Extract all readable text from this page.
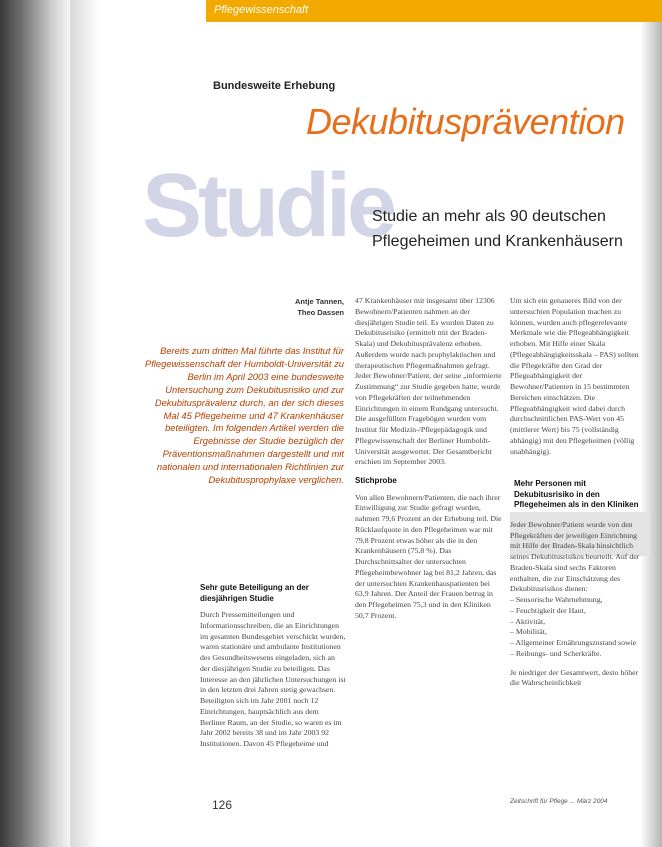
Pflegewissenschaft
Bundesweite Erhebung
Studie
Dekubitusprävention
Studie an mehr als 90 deutschen
Pflegeheimen und Krankenhäusern
Antje Tannen,
Theo Dassen
Bereits zum dritten Mal führte das Institut für Pflegewissenschaft der Humboldt-Universität zu Berlin im April 2003 eine bundesweite Untersuchung zum Dekubitusrisiko und zur Dekubitusprävalenz durch, an der sich dieses Mal 45 Pflegeheime und 47 Krankenhäuser beteiligten. Im folgenden Artikel werden die Ergebnisse der Studie bezüglich der Präventionsmaßnahmen dargestellt und mit nationalen und internationalen Richtlinien zur Dekubitusprophylaxe verglichen.

Sehr gute Beteiligung an der diesjährigen Studie

Durch Pressemitteilungen und Informationsschreiben, die an Einrichtungen im gesamten Bundesgebiet verschickt wurden, waren stationäre und ambulante Institutionen des Gesundheitswesens eingeladen, sich an der diesjährigen Studie zu beteiligen. Das Interesse an den jährlichen Untersuchungen ist in den letzten drei Jahren stetig gewachsen. Beteiligten sich im Jahr 2001 noch 12 Einrichtungen, hauptsächlich aus dem Berliner Raum, an der Studie, so waren es im Jahr 2002 bereits 38 und im Jahr 2003 92 Institutionen. Davon 45 Pflegeheime und

47 Krankenhäuser mit insgesamt über 12306 Bewohnern/Patienten nahmen an der diesjährigen Studie teil. Es wurden Daten zu Dekubitusrisiko (ermittelt mit der Braden-Skala) und Dekubitusprävalenz erhoben. Außerdem wurde nach prophylaktischen und therapeutischen Pflegemaßnahmen gefragt. Jeder Bewohner/Patient, der seine „informierte Zustimmung“ zur Studie gegeben hatte, wurde von Pflegekräften der teilnehmenden Einrichtungen in einem Rundgang untersucht. Die ausgefüllten Fragebögen wurden vom Institut für Medizin-/Pflegepädagogik und Pflegewissenschaft der Berliner Humboldt-Universität ausgewertet. Der Gesamtbericht erschien im September 2003.

Stichprobe

Von allen Bewohnern/Patienten, die nach ihrer Einwilligung zur Studie gefragt wurden, nahmen 79,6 Prozent an der Erhebung teil. Die Rücklaufquote in den Pflegeheimen war mit 79,8 Prozent etwas höher als die in den Krankenhäusern (75,8 %). Das Durchschnittsalter der untersuchten Pflegeheimbewohner lag bei 81,2 Jahren, das der untersuchten Krankenhauspatienten bei 63,9 Jahren. Der Anteil der Frauen betrug in den Pflegeheimen 75,3 und in den Kliniken 50,7 Prozent.

Um sich ein genaueres Bild von der untersuchten Population machen zu können, wurden auch pflegerelevante Merkmale wie die Pflegeabhängigkeit erhoben. Mit Hilfe einer Skala (Pflegeabhängigkeitsskala – PAS) sollten die Pflegekräfte den Grad der Pflegeabhängigkeit der Bewohner/Patienten in 15 bestimmten Bereichen einschätzen. Die Pflegeabhängigkeit wird dabei durch durchschnittlichen PAS-Wert von 45 (mittlerer Wert) bis 75 (vollständig abhängig) mit den Pflegeheimen (völlig unabhängig).

Mehr Personen mit Dekubitusrisiko in den Pflegeheimen als in den Kliniken

Jeder Bewohner/Patient wurde von den Pflegekräften der jeweiligen Einrichtung mit Hilfe der Braden-Skala hinsichtlich seines Dekubitusrisikos beurteilt. Auf der Braden-Skala sind sechs Faktoren enthalten, die zur Einschätzung des Dekubitusrisikos dienen:

– Sensorische Wahrnehmung,
– Feuchtigkeit der Haut,
– Aktivität,
– Mobilität,
– Allgemeiner Ernährungszustand sowie
– Reibungs- und Scherkräfte.

Je niedriger der Gesamtwert, desto höher die Wahrscheinlichkeit

126	Zeitschrift für Pflege ... März 2004
